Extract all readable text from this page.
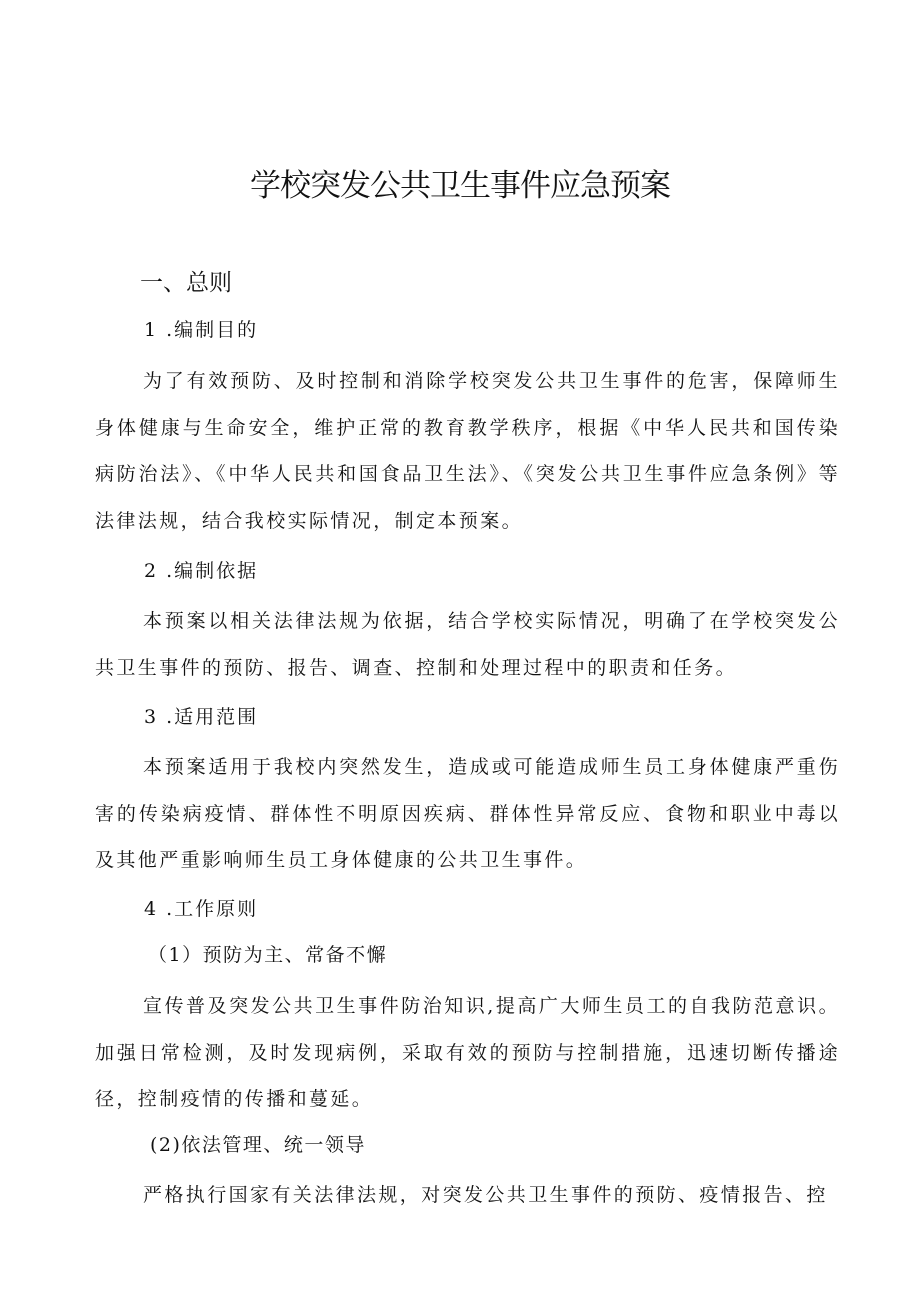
学校突发公共卫生事件应急预案
一、总则
1 .编制目的
为了有效预防、及时控制和消除学校突发公共卫生事件的危害，保障师生身体健康与生命安全，维护正常的教育教学秩序，根据《中华人民共和国传染病防治法》、《中华人民共和国食品卫生法》、《突发公共卫生事件应急条例》等法律法规，结合我校实际情况，制定本预案。
2 .编制依据
本预案以相关法律法规为依据，结合学校实际情况，明确了在学校突发公共卫生事件的预防、报告、调查、控制和处理过程中的职责和任务。
3 .适用范围
本预案适用于我校内突然发生，造成或可能造成师生员工身体健康严重伤害的传染病疫情、群体性不明原因疾病、群体性异常反应、食物和职业中毒以及其他严重影响师生员工身体健康的公共卫生事件。
4 .工作原则
（1）预防为主、常备不懈
宣传普及突发公共卫生事件防治知识,提高广大师生员工的自我防范意识。加强日常检测，及时发现病例，采取有效的预防与控制措施，迅速切断传播途径，控制疫情的传播和蔓延。
(2)依法管理、统一领导
严格执行国家有关法律法规，对突发公共卫生事件的预防、疫情报告、控
